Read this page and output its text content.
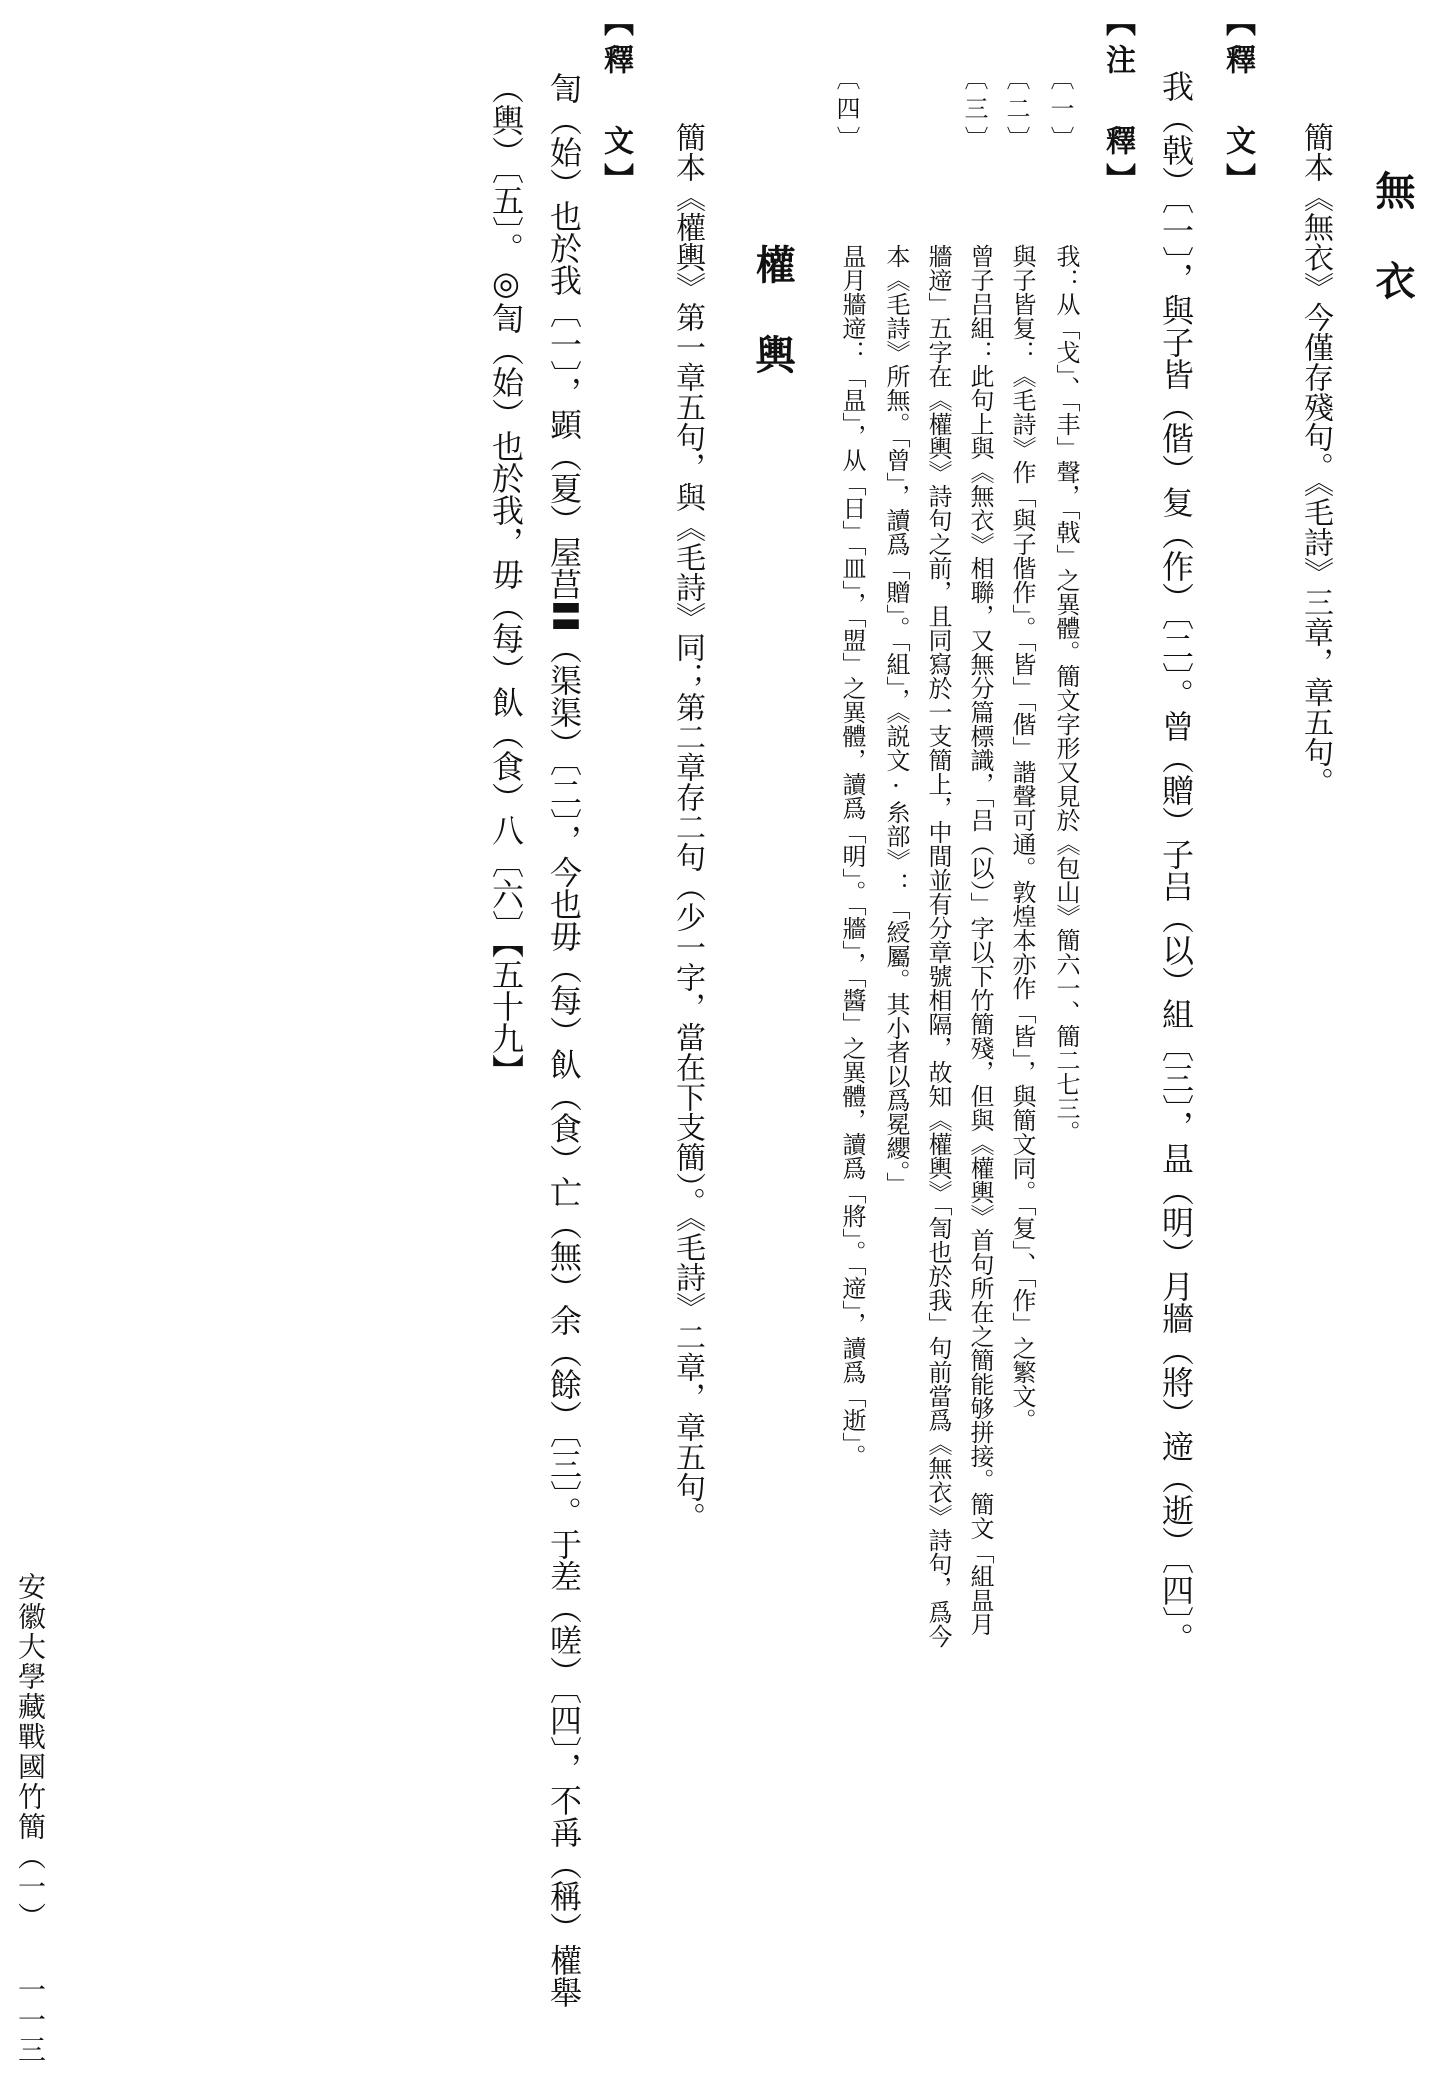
無衣
簡本《無衣》今僅存殘句。《毛詩》三章，章五句。
【釋 文】
我（戟）〔一〕，與子皆（偕）复（作）〔二〕。曾（贈）子吕（以）組〔三〕，昷（明）月牆（將）遆（逝）〔四〕。
【注 釋】
〔一〕
我：从「戈」、「丰」聲，「戟」之異體。簡文字形又見於《包山》簡六一、簡二七三。
〔二〕
與子皆复：《毛詩》作「與子偕作」。「皆」「偕」諧聲可通。敦煌本亦作「皆」，與簡文同。「复」、「作」之繁文。
〔三〕
曾子吕組：此句上與《無衣》相聯，又無分篇標識，「吕（以）」字以下竹簡殘，但與《權輿》首句所在之簡能够拼接。簡文「組昷月
牆遆」五字在《權輿》詩句之前，且同寫於一支簡上，中間並有分章號相隔，故知《權輿》「訇也於我」句前當爲《無衣》詩句，爲今
本《毛詩》所無。「曾」，讀爲「贈」。「組」，《説文·糸部》：「綬屬。其小者以爲冕纓。」
〔四〕
昷月牆遆：「昷」，从「日」「皿」，「盟」之異體，讀爲「明」。「牆」，「醬」之異體，讀爲「將」。「遆」，讀爲「逝」。
權輿
簡本《權輿》第一章五句，與《毛詩》同；第二章存二句（少一字，當在下支簡）。《毛詩》二章，章五句。
【釋 文】
訇（始）也於我〔一〕，顕（夏）屋莒〓（渠渠）〔二〕，今也毋（每）飤（食）亡（無）余（餘）〔三〕。于差（嗟）〔四〕，不爯（稱）權舉
（輿）〔五〕。◎訇（始）也於我，毋（每）飤（食）八〔六〕【五十九】
安徽大學藏戰國竹簡（一）
一一三
